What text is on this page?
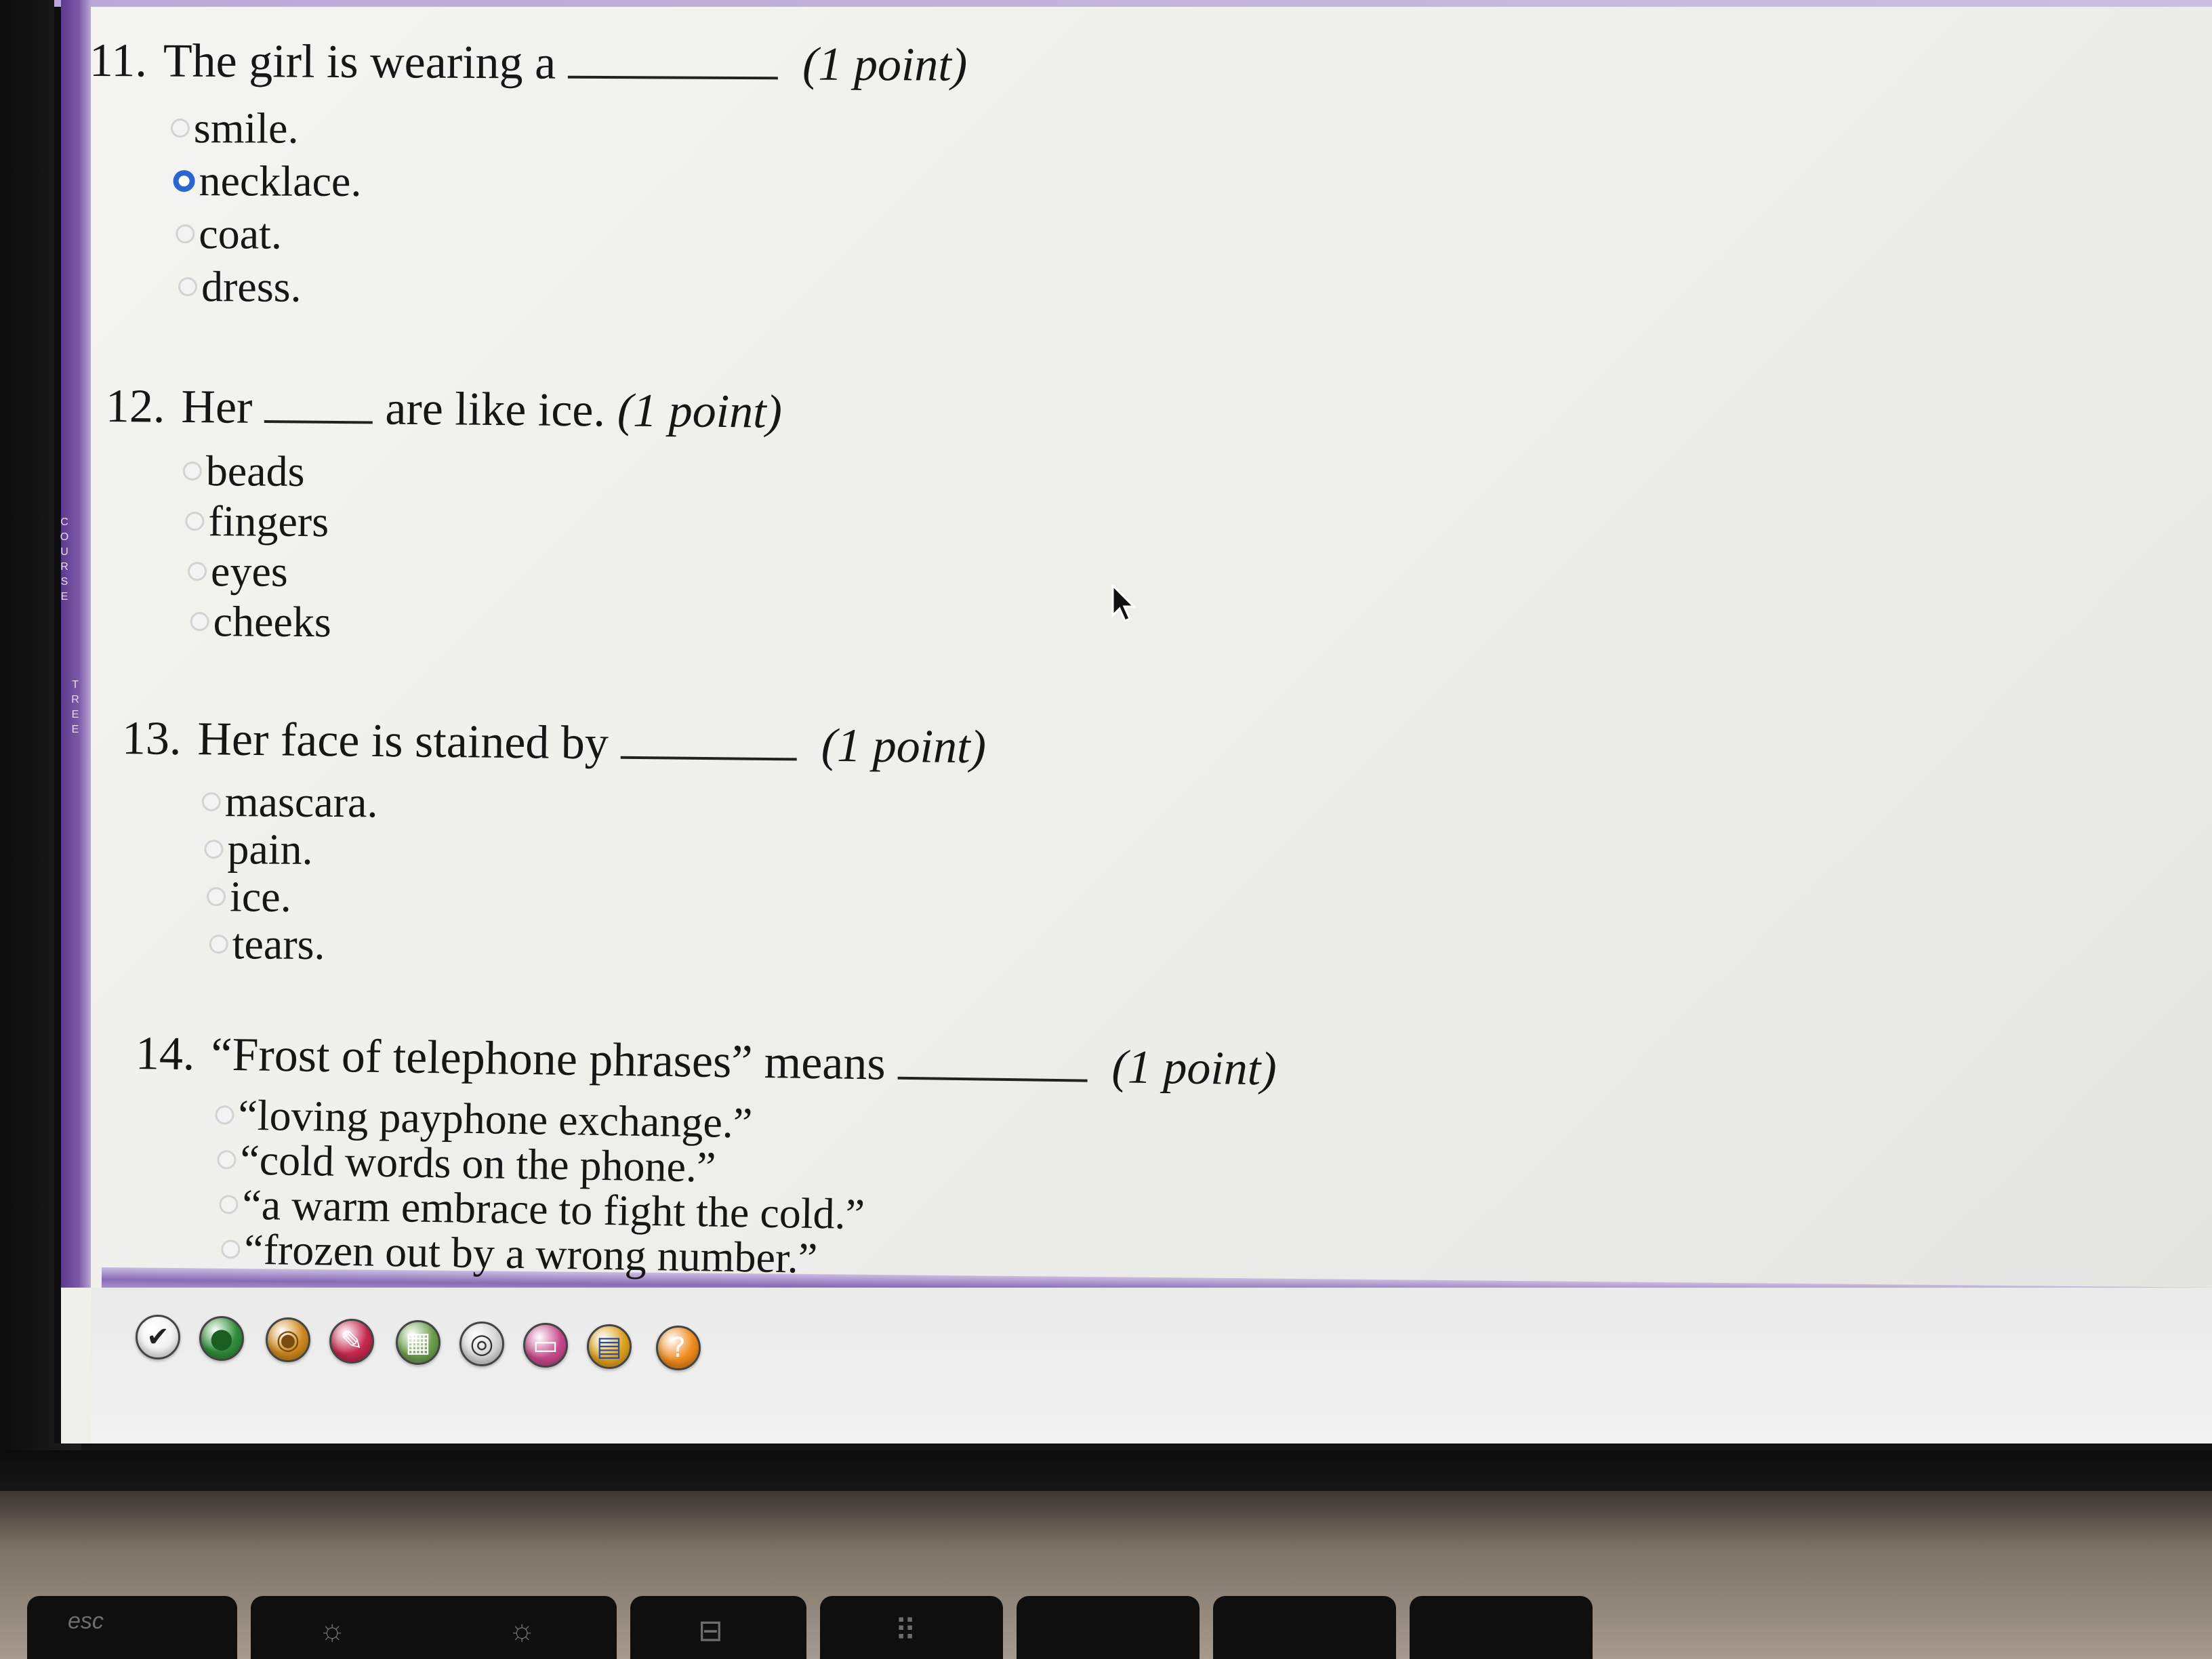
esc	☼	☼	⊟	⠿
COURSE
TREE
✔	●	◉	✎	▦	◎	▭	▤	?
11. The girl is wearing a	(1 point)
smile.
necklace.
coat.
dress.
12. Her	are like ice. (1 point)
beads
fingers
eyes
cheeks
13. Her face is stained by	(1 point)
mascara.
pain.
ice.
tears.
14. “Frost of telephone phrases” means	(1 point)
“loving payphone exchange.”
“cold words on the phone.”
“a warm embrace to fight the cold.”
“frozen out by a wrong number.”
